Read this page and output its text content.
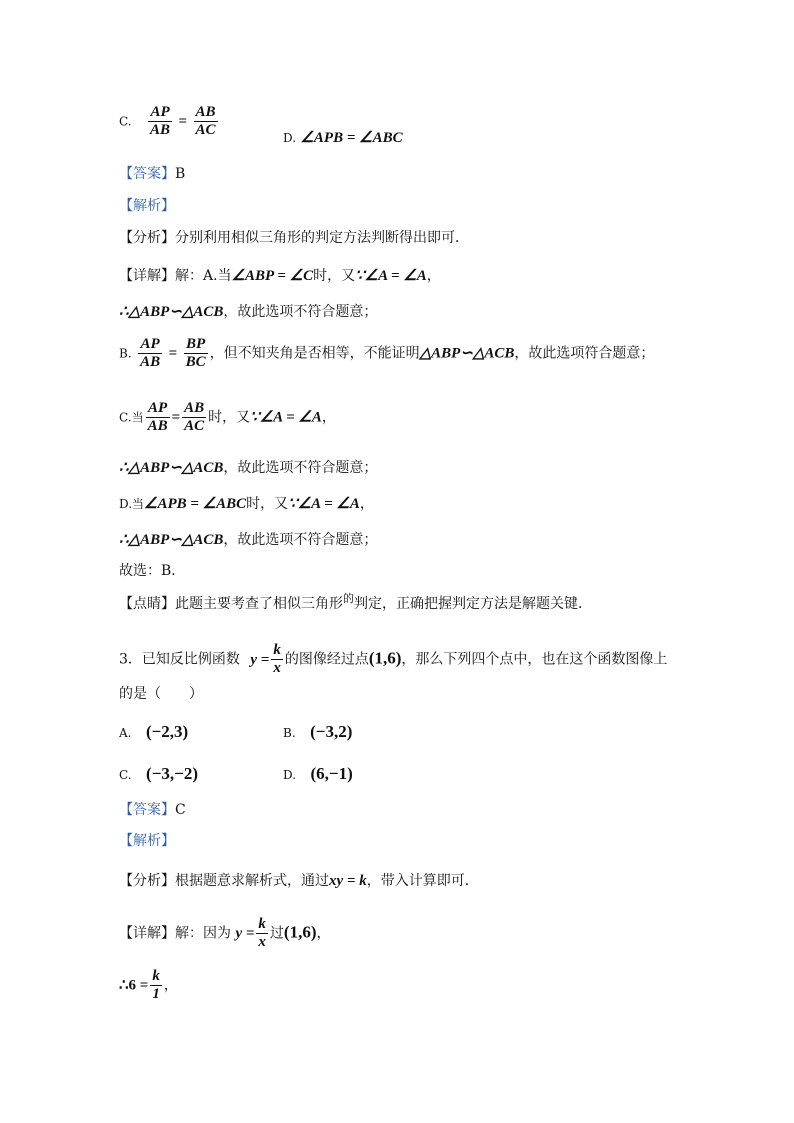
C. $\frac{AP}{AB} = \frac{AB}{AC}$	D. ∠APB = ∠ABC
【答案】B
【解析】
【分析】分别利用相似三角形的判定方法判断得出即可．
【详解】解：A.当∠ABP = ∠C时，又∵∠A = ∠A，
∴△ABP∽△ACB，故此选项不符合题意；
B. $\frac{AP}{AB} = \frac{BP}{BC}$ ，但不知夹角是否相等，不能证明△ABP∽△ACB，故此选项符合题意；
C.当 $\frac{AP}{AB} = \frac{AB}{AC}$ 时，又∵∠A = ∠A，
∴△ABP∽△ACB，故此选项不符合题意；
D.当∠APB = ∠ABC时，又∵∠A = ∠A，
∴△ABP∽△ACB，故此选项不符合题意；
故选：B．
【点睛】此题主要考查了相似三角形$^的$判定，正确把握判定方法是解题关键．
3．已知反比例函数 $y = \frac{k}{x}$ 的图像经过点(1,6)，那么下列四个点中，也在这个函数图像上
的是（　　）
A. (−2,3)	B. (−3,2)
C. (−3,−2)	D. (6,−1)
【答案】C
【解析】
【分析】根据题意求解析式，通过xy = k，带入计算即可．
【详解】解：因为 $y = \frac{k}{x}$ 过(1,6)，
∴6 = $\frac{k}{1}$ ，
